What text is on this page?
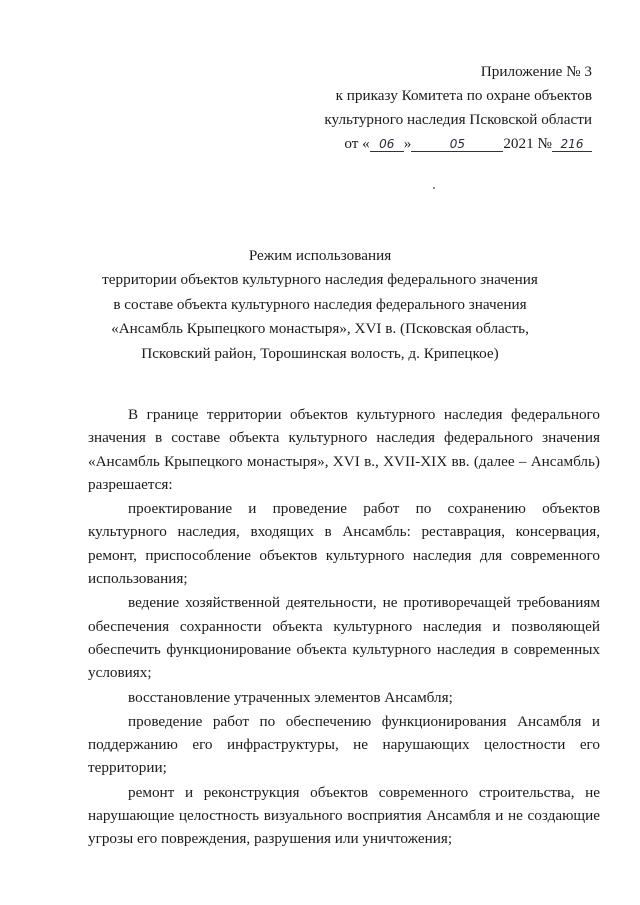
Приложение № 3
к приказу Комитета по охране объектов
культурного наследия Псковской области
от « 06 »	05	2021 № 216
Режим использования
территории объектов культурного наследия федерального значения
в составе объекта культурного наследия федерального значения
«Ансамбль Крыпецкого монастыря», XVI в. (Псковская область,
Псковский район, Торошинская волость, д. Крипецкое)

В границе территории объектов культурного наследия федерального значения в составе объекта культурного наследия федерального значения «Ансамбль Крыпецкого монастыря», XVI в., XVII-XIX вв. (далее – Ансамбль) разрешается:

проектирование и проведение работ по сохранению объектов культурного наследия, входящих в Ансамбль: реставрация, консервация, ремонт, приспособление объектов культурного наследия для современного использования;

ведение хозяйственной деятельности, не противоречащей требованиям обеспечения сохранности объекта культурного наследия и позволяющей обеспечить функционирование объекта культурного наследия в современных условиях;

восстановление утраченных элементов Ансамбля;

проведение работ по обеспечению функционирования Ансамбля и поддержанию его инфраструктуры, не нарушающих целостности его территории;

ремонт и реконструкция объектов современного строительства, не нарушающие целостность визуального восприятия Ансамбля и не создающие угрозы его повреждения, разрушения или уничтожения;
